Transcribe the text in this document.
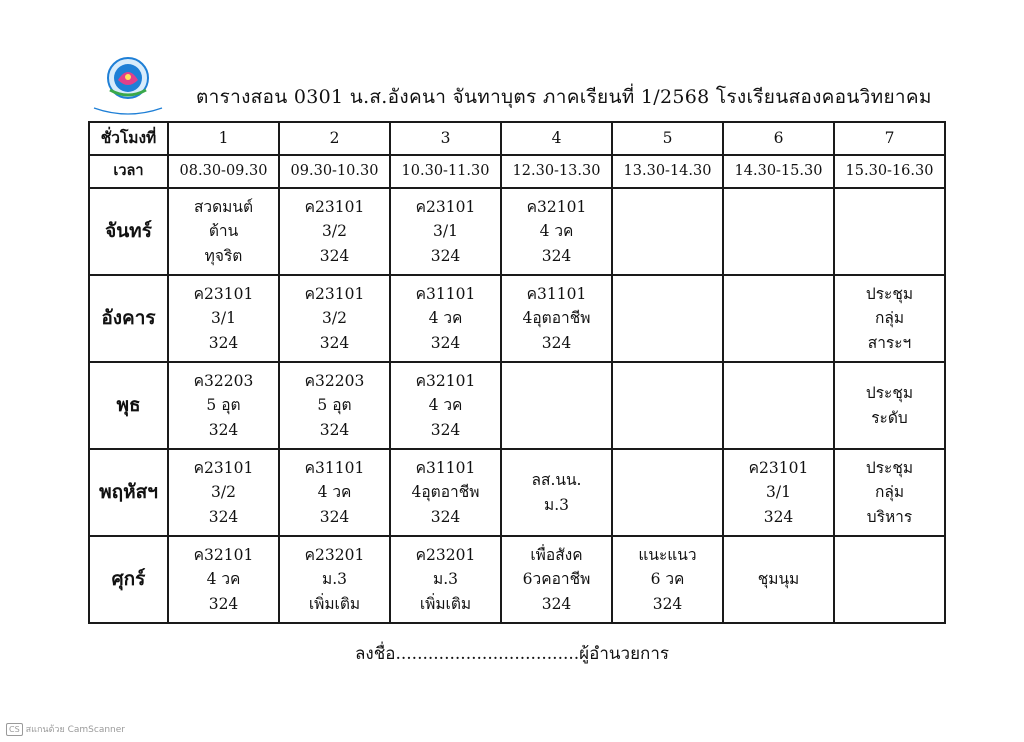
ตารางสอน 0301 น.ส.อังคนา จันทาบุตร ภาคเรียนที่ 1/2568 โรงเรียนสองคอนวิทยาคม
ชั่วโมงที่	1	2	3	4	5	6	7
เวลา	08.30-09.30	09.30-10.30	10.30-11.30	12.30-13.30	13.30-14.30	14.30-15.30	15.30-16.30
จันทร์	สวดมนต์
ต้าน
ทุจริต	ค23101
3/2
324	ค23101
3/1
324	ค32101
4 วค
324			

อังคาร	ค23101
3/1
324	ค23101
3/2
324	ค31101
4 วค
324	ค31101
4อุตอาชีพ
324			ประชุม
กลุ่ม
สาระฯ

พุธ	ค32203
5 อุต
324	ค32203
5 อุต
324	ค32101
4 วค
324				ประชุม
ระดับ

พฤหัสฯ	ค23101
3/2
324	ค31101
4 วค
324	ค31101
4อุตอาชีพ
324	ลส.นน.
ม.3		ค23101
3/1
324	ประชุม
กลุ่ม
บริหาร

ศุกร์	ค32101
4 วค
324	ค23201
ม.3
เพิ่มเติม	ค23201
ม.3
เพิ่มเติม	เพื่อสังค
6วคอาชีพ
324	แนะแนว
6 วค
324	ชุมนุม	

ลงชื่อ..................................ผู้อำนวยการ
CS สแกนด้วย CamScanner
